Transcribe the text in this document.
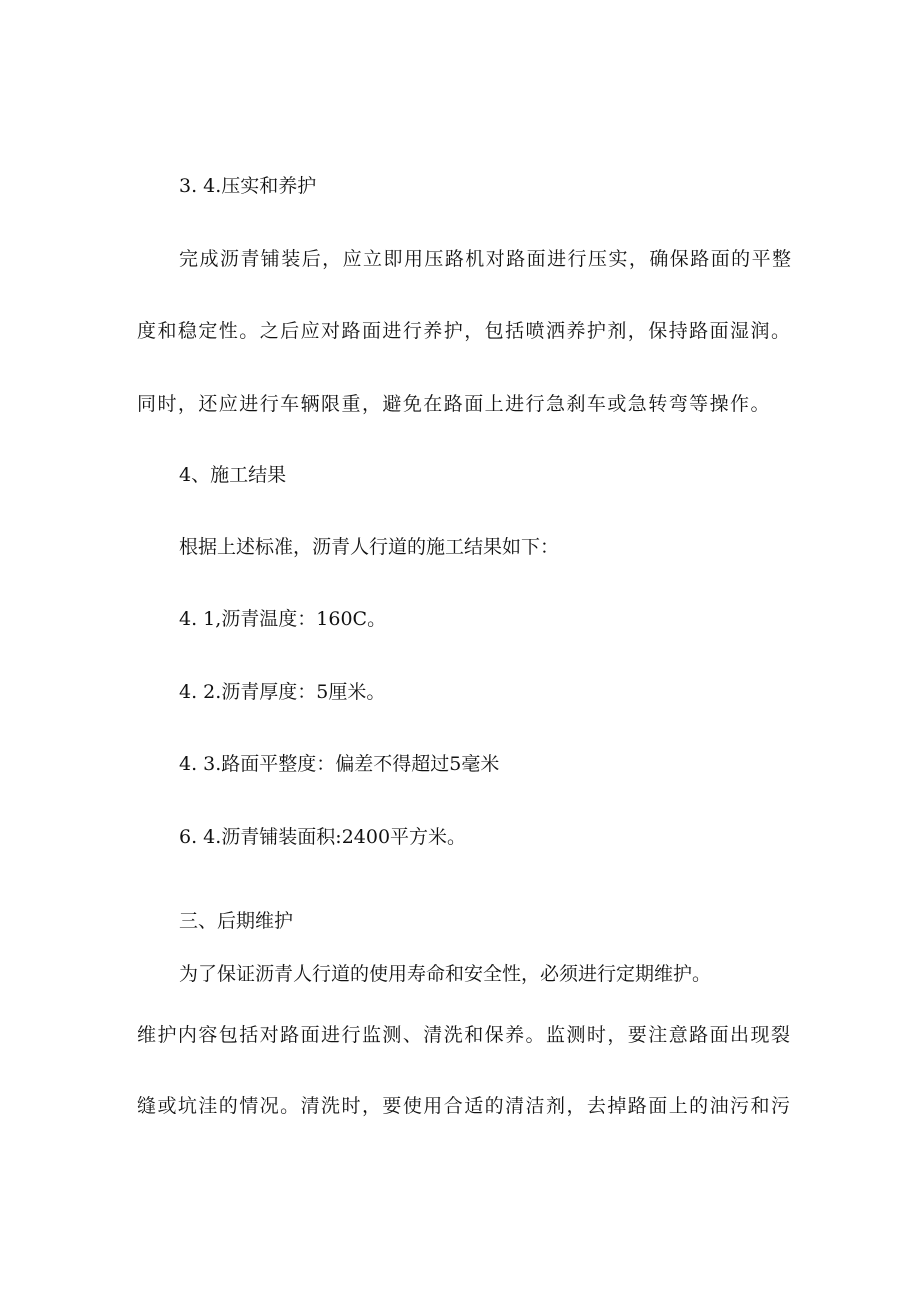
3. 4.压实和养护

完成沥青铺装后，应立即用压路机对路面进行压实，确保路面的平整

度和稳定性。之后应对路面进行养护，包括喷洒养护剂，保持路面湿润。

同时，还应进行车辆限重，避免在路面上进行急刹车或急转弯等操作。

4、施工结果

根据上述标准，沥青人行道的施工结果如下：

4. 1,沥青温度：160C。

4. 2.沥青厚度：5厘米。

4. 3.路面平整度：偏差不得超过5毫米

6. 4.沥青铺装面积:2400平方米。

三、后期维护

为了保证沥青人行道的使用寿命和安全性，必须进行定期维护。

维护内容包括对路面进行监测、清洗和保养。监测时，要注意路面出现裂

缝或坑洼的情况。清洗时，要使用合适的清洁剂，去掉路面上的油污和污
